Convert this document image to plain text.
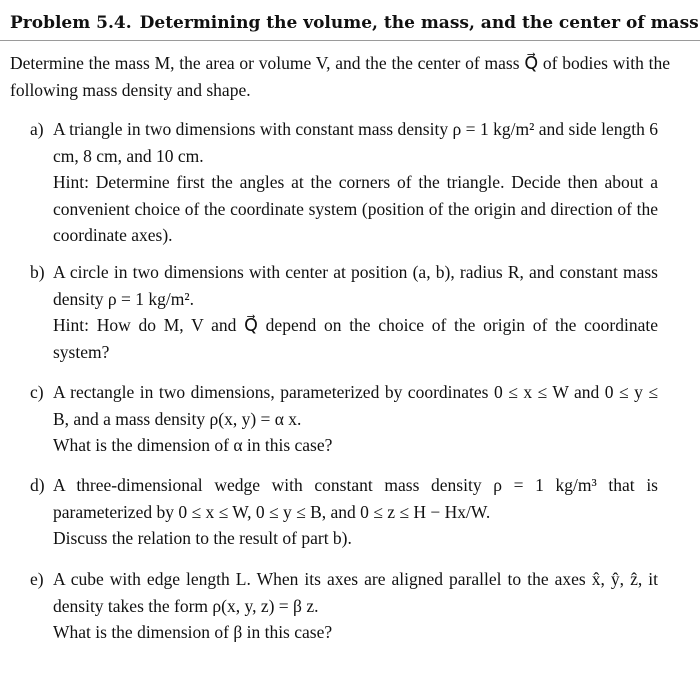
Problem 5.4. Determining the volume, the mass, and the center of mass
Determine the mass M, the area or volume V, and the the center of mass Q⃗ of bodies with the following mass density and shape.
a) A triangle in two dimensions with constant mass density ρ = 1 kg/m² and side length 6 cm, 8 cm, and 10 cm.

Hint: Determine first the angles at the corners of the triangle. Decide then about a convenient choice of the coordinate system (position of the origin and direction of the coordinate axes).

b) A circle in two dimensions with center at position (a, b), radius R, and constant mass density ρ = 1 kg/m².

Hint: How do M, V and Q⃗ depend on the choice of the origin of the coordinate system?

c) A rectangle in two dimensions, parameterized by coordinates 0 ≤ x ≤ W and 0 ≤ y ≤ B, and a mass density ρ(x, y) = α x.

What is the dimension of α in this case?

d) A three-dimensional wedge with constant mass density ρ = 1 kg/m³ that is parameterized by 0 ≤ x ≤ W, 0 ≤ y ≤ B, and 0 ≤ z ≤ H − Hx/W.

Discuss the relation to the result of part b).

e) A cube with edge length L. When its axes are aligned parallel to the axes x̂, ŷ, ẑ, it density takes the form ρ(x, y, z) = β z.

What is the dimension of β in this case?
